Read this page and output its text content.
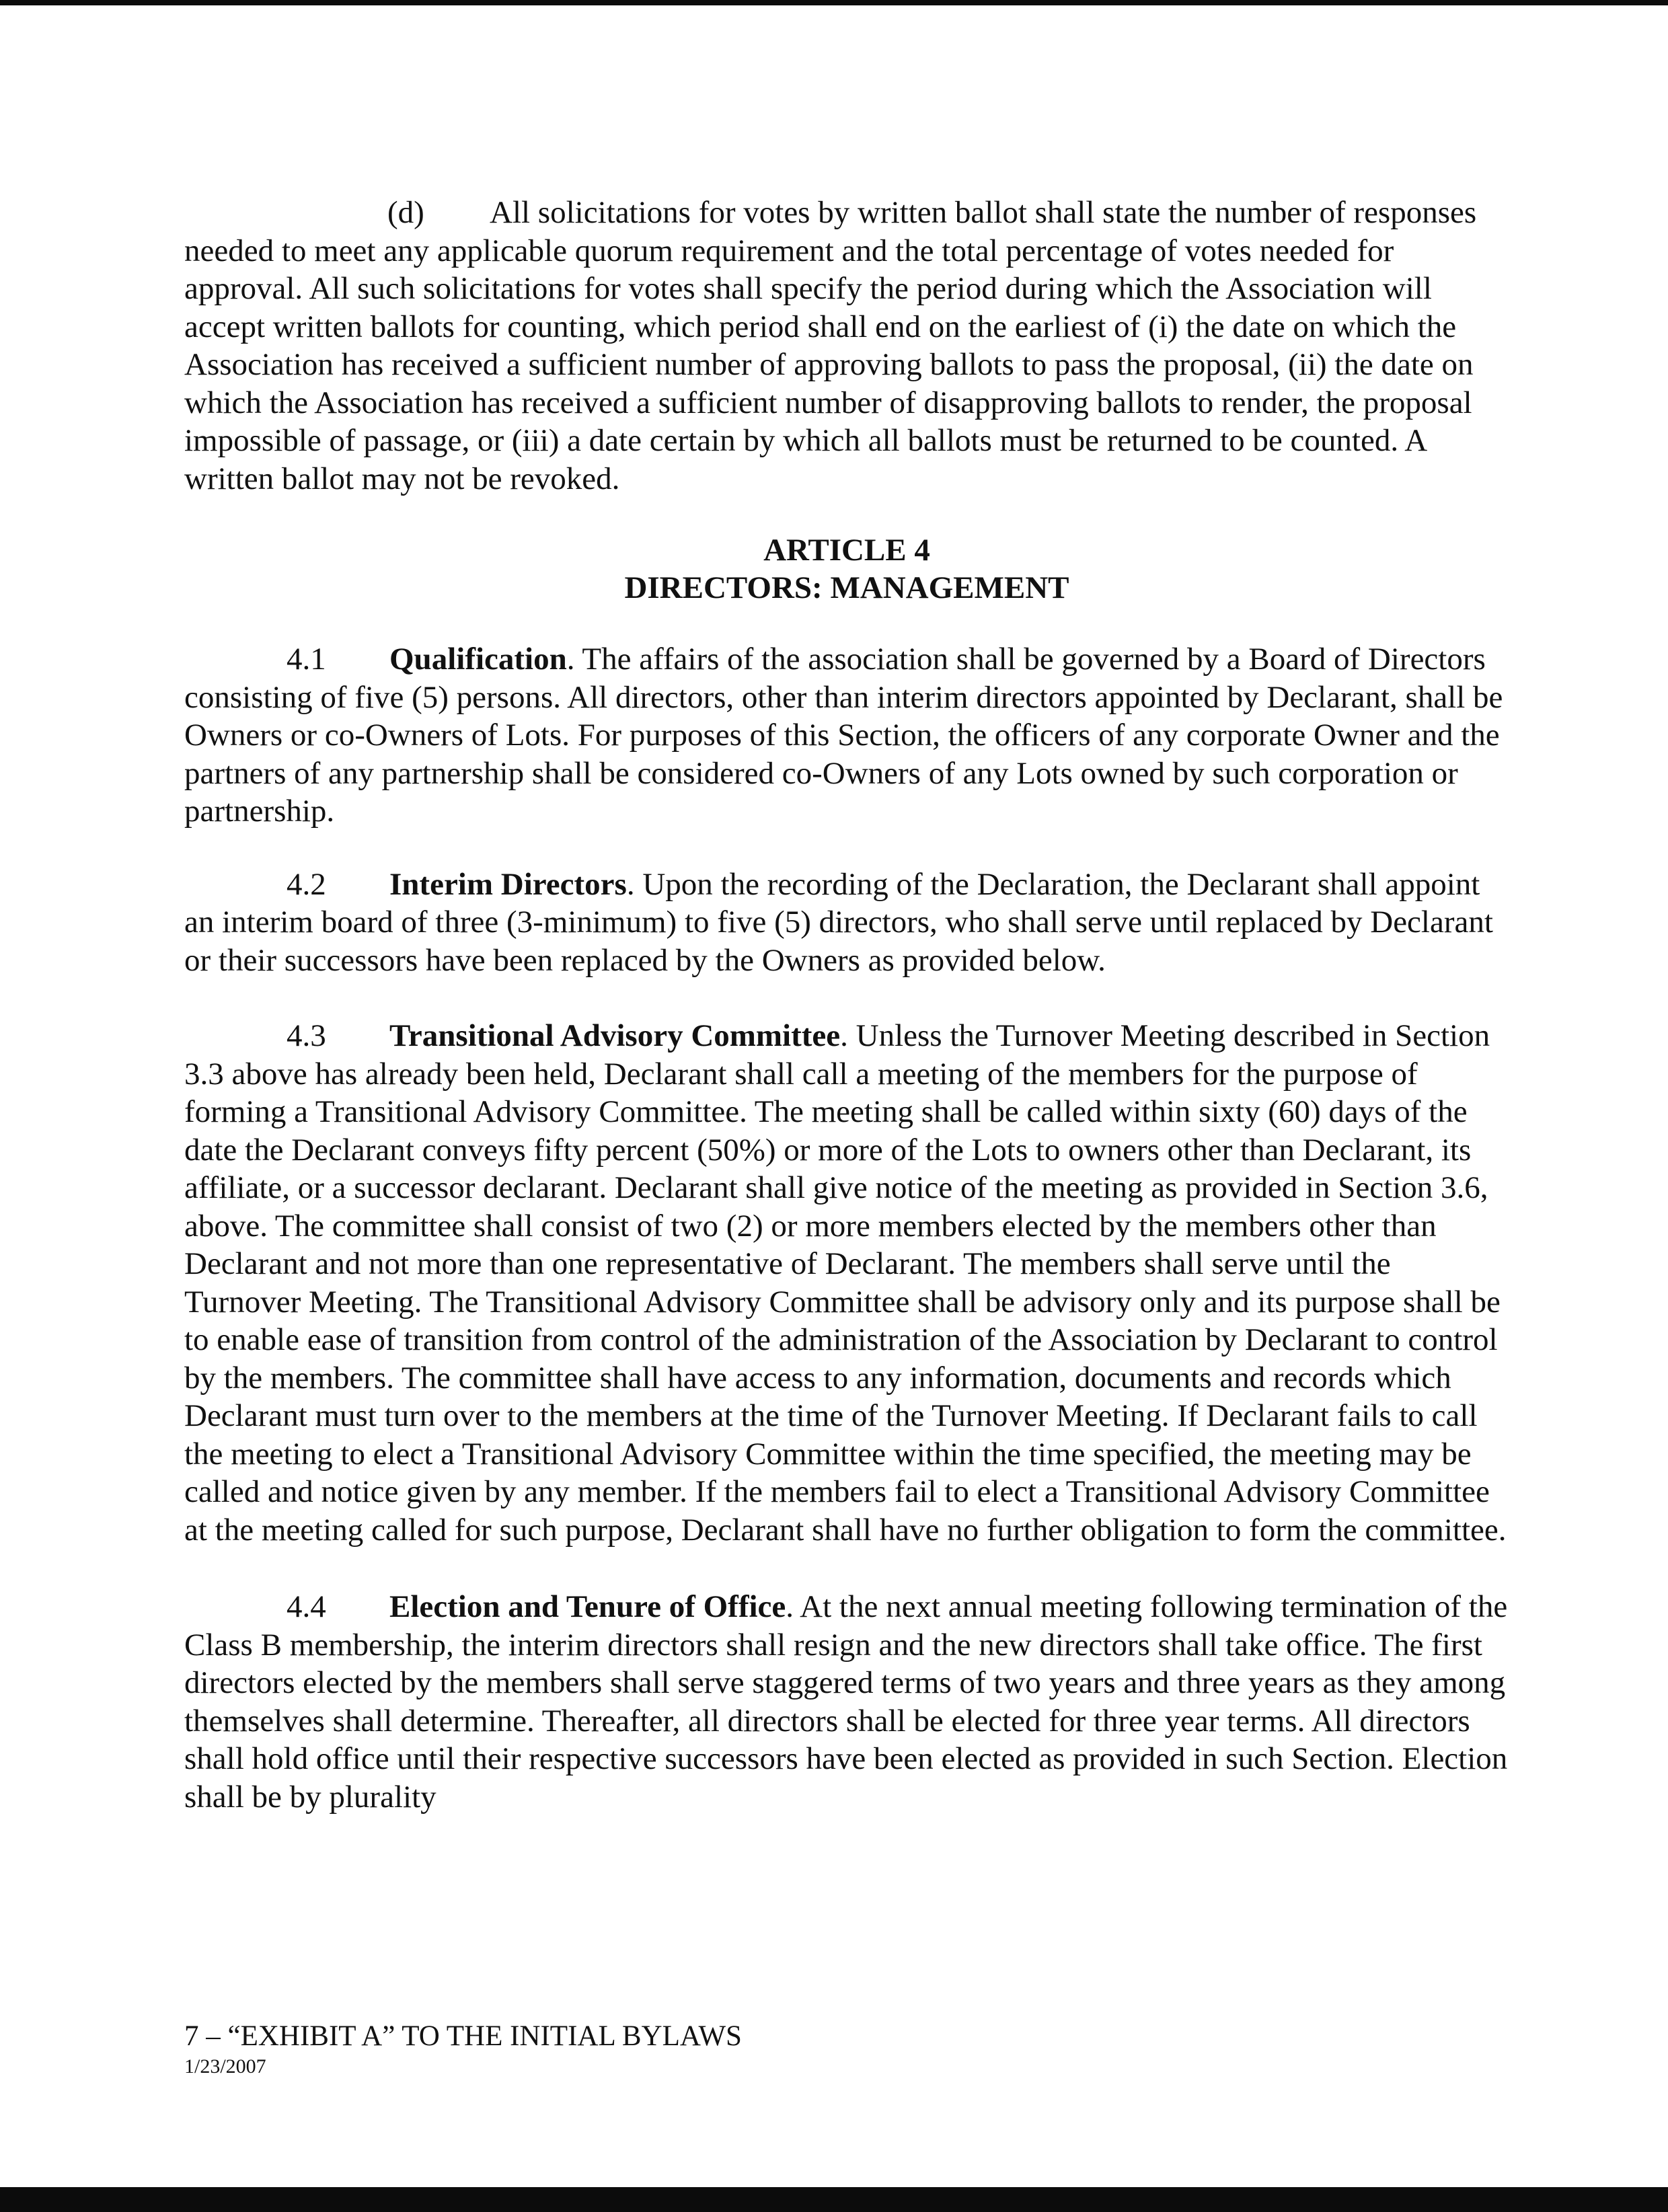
(d) All solicitations for votes by written ballot shall state the number of responses needed to meet any applicable quorum requirement and the total percentage of votes needed for approval. All such solicitations for votes shall specify the period during which the Association will accept written ballots for counting, which period shall end on the earliest of (i) the date on which the Association has received a sufficient number of approving ballots to pass the proposal, (ii) the date on which the Association has received a sufficient number of disapproving ballots to render, the proposal impossible of passage, or (iii) a date certain by which all ballots must be returned to be counted. A written ballot may not be revoked.

ARTICLE 4

DIRECTORS: MANAGEMENT

4.1 Qualification. The affairs of the association shall be governed by a Board of Directors consisting of five (5) persons. All directors, other than interim directors appointed by Declarant, shall be Owners or co-Owners of Lots. For purposes of this Section, the officers of any corporate Owner and the partners of any partnership shall be considered co-Owners of any Lots owned by such corporation or partnership.

4.2 Interim Directors. Upon the recording of the Declaration, the Declarant shall appoint an interim board of three (3-minimum) to five (5) directors, who shall serve until replaced by Declarant or their successors have been replaced by the Owners as provided below.

4.3 Transitional Advisory Committee. Unless the Turnover Meeting described in Section 3.3 above has already been held, Declarant shall call a meeting of the members for the purpose of forming a Transitional Advisory Committee. The meeting shall be called within sixty (60) days of the date the Declarant conveys fifty percent (50%) or more of the Lots to owners other than Declarant, its affiliate, or a successor declarant. Declarant shall give notice of the meeting as provided in Section 3.6, above. The committee shall consist of two (2) or more members elected by the members other than Declarant and not more than one representative of Declarant. The members shall serve until the Turnover Meeting. The Transitional Advisory Committee shall be advisory only and its purpose shall be to enable ease of transition from control of the administration of the Association by Declarant to control by the members. The committee shall have access to any information, documents and records which Declarant must turn over to the members at the time of the Turnover Meeting. If Declarant fails to call the meeting to elect a Transitional Advisory Committee within the time specified, the meeting may be called and notice given by any member. If the members fail to elect a Transitional Advisory Committee at the meeting called for such purpose, Declarant shall have no further obligation to form the committee.

4.4 Election and Tenure of Office. At the next annual meeting following termination of the Class B membership, the interim directors shall resign and the new directors shall take office. The first directors elected by the members shall serve staggered terms of two years and three years as they among themselves shall determine. Thereafter, all directors shall be elected for three year terms. All directors shall hold office until their respective successors have been elected as provided in such Section. Election shall be by plurality

7 – “EXHIBIT A” TO THE INITIAL BYLAWS

1/23/2007
